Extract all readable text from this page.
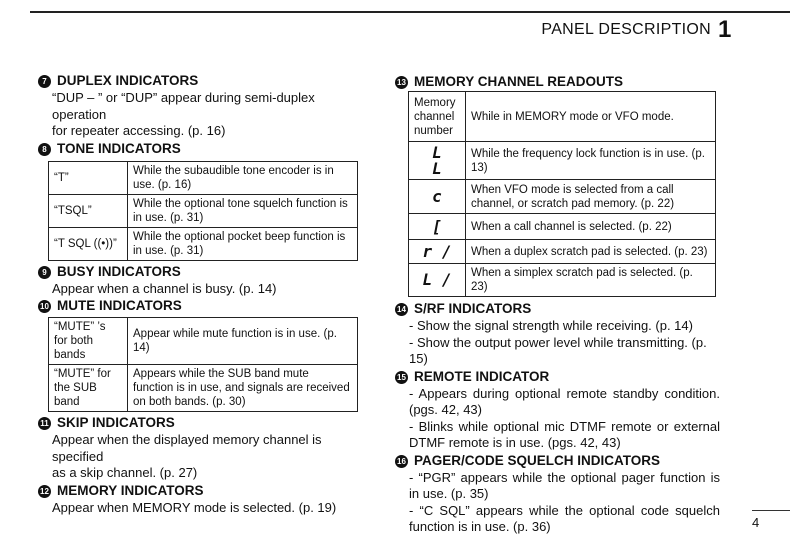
PANEL DESCRIPTION 1
7 DUPLEX INDICATORS
“DUP – ” or “DUP” appear during semi-duplex operation
for repeater accessing. (p. 16)
8 TONE INDICATORS
“T”	While the subaudible tone encoder is in use. (p. 16)
“TSQL”	While the optional tone squelch function is in use. (p. 31)
“T SQL ((•))”	While the optional pocket beep function is in use. (p. 31)
9 BUSY INDICATORS
Appear when a channel is busy. (p. 14)
10 MUTE INDICATORS
“MUTE” ’s for both bands	Appear while mute function is in use. (p. 14)
“MUTE” for the SUB band	Appears while the SUB band mute function is in use, and signals are received on both bands. (p. 30)
11 SKIP INDICATORS
Appear when the displayed memory channel is specified
as a skip channel. (p. 27)
12 MEMORY INDICATORS
Appear when MEMORY mode is selected. (p. 19)
13 MEMORY CHANNEL READOUTS
Memory channel number	While in MEMORY mode or VFO mode.
L
L	While the frequency lock function is in use. (p. 13)
c	When VFO mode is selected from a call channel, or scratch pad memory. (p. 22)
[	When a call channel is selected. (p. 22)
r /	When a duplex scratch pad is selected. (p. 23)
L /	When a simplex scratch pad is selected. (p. 23)
14 S/RF INDICATORS
- Show the signal strength while receiving. (p. 14)
- Show the output power level while transmitting. (p. 15)
15 REMOTE INDICATOR
- Appears during optional remote standby condition. (pgs. 42, 43)
- Blinks while optional mic DTMF remote or external DTMF remote is in use. (pgs. 42, 43)
16 PAGER/CODE SQUELCH INDICATORS
- “PGR” appears while the optional pager function is in use. (p. 35)
- “C SQL” appears while the optional code squelch function is in use. (p. 36)	4
